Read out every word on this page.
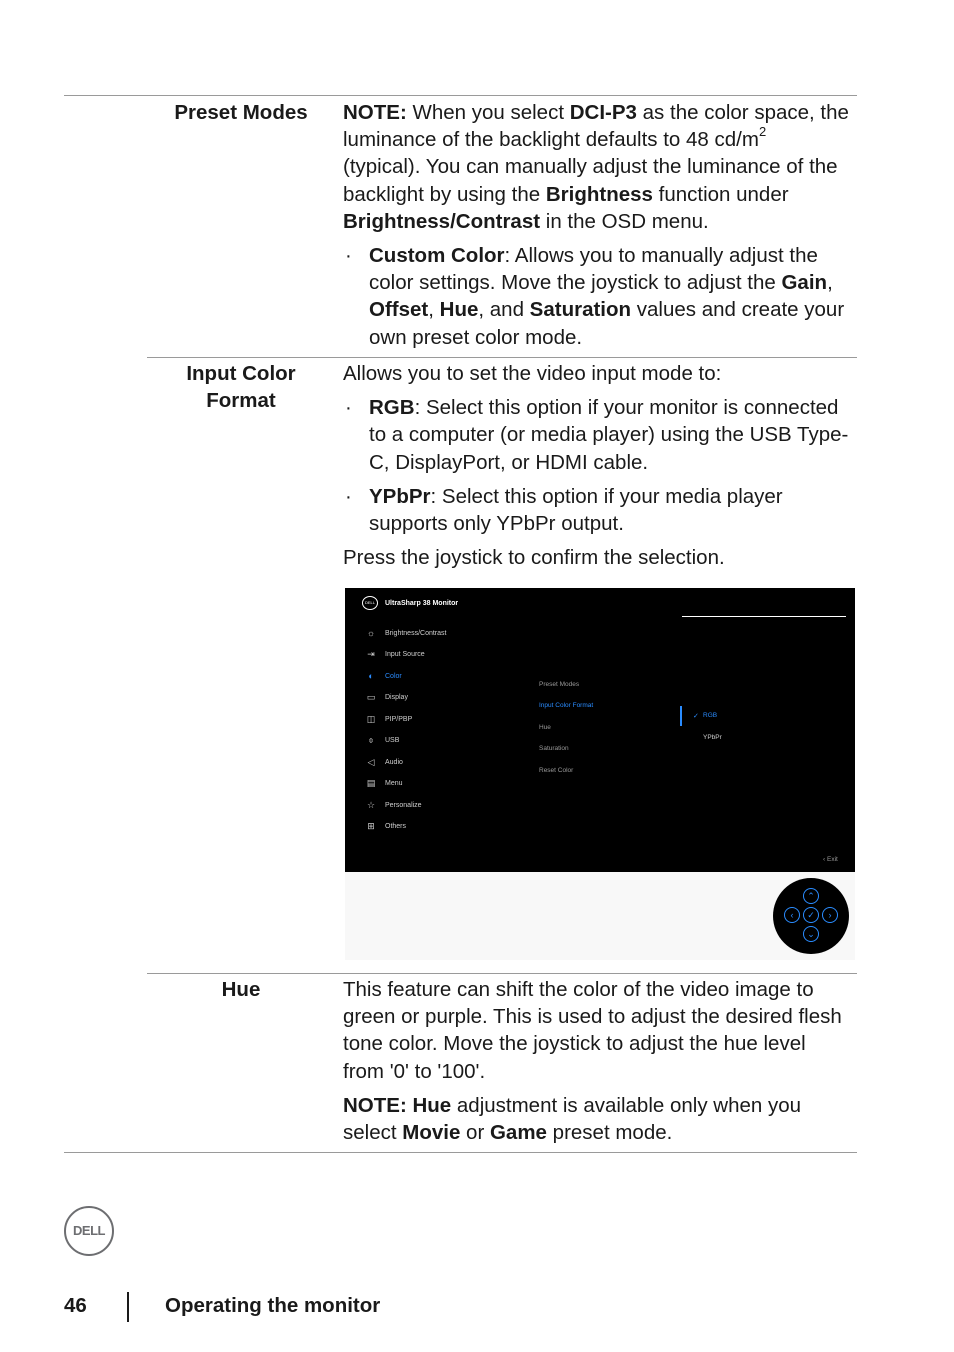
Preset Modes	NOTE: When you select DCI-P3 as the color space, the luminance of the backlight defaults to 48 $cd/m^2$ (typical). You can manually adjust the luminance of the backlight by using the Brightness function under Brightness/Contrast in the OSD menu.

· Custom Color: Allows you to manually adjust the color settings. Move the joystick to adjust the Gain, Offset, Hue, and Saturation values and create your own preset color mode.
Input Color
Format

Allows you to set the video input mode to:

· RGB: Select this option if your monitor is connected to a computer (or media player) using the USB Type-C, DisplayPort, or HDMI cable.
· YPbPr: Select this option if your media player supports only YPbPr output.

Press the joystick to confirm the selection.

DELL	UltraSharp 38 Monitor
☼ Brightness/Contrast
⇥	Input Source
◐	Color
▭ Display
◫ PIP/PBP
⌽	USB
◁	Audio
▤ Menu
☆ Personalize
⊞	Others
Preset Modes
Input Color Format
Hue
Saturation
Reset Color
✓ RGB
YPbPr
‹ Exit
⌃
‹	✓	›
⌄
Hue	This feature can shift the color of the video image to green or purple. This is used to adjust the desired flesh tone color. Move the joystick to adjust the hue level from '0' to '100'.

NOTE: Hue adjustment is available only when you select Movie or Game preset mode.

DELL
46	Operating the monitor
